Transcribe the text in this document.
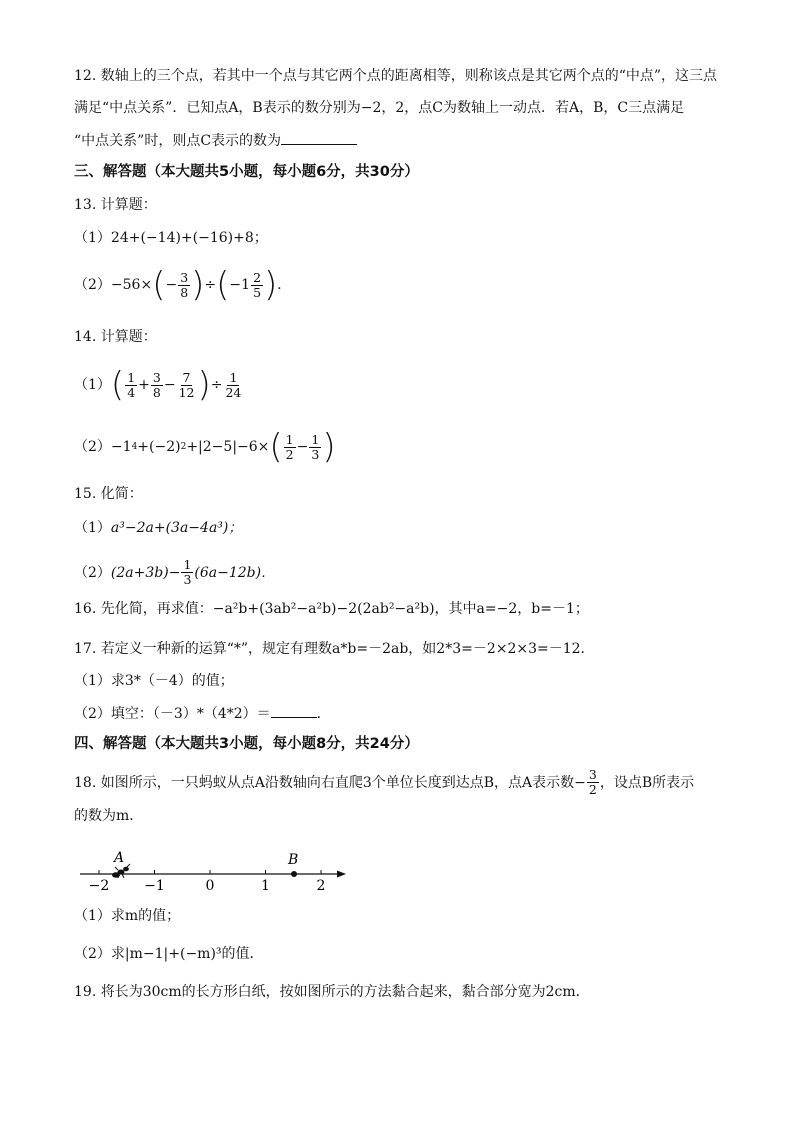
12. 数轴上的三个点，若其中一个点与其它两个点的距离相等，则称该点是其它两个点的“中点”，这三点
满足“中点关系”．已知点A，B表示的数分别为−2，2，点C为数轴上一动点．若A，B，C三点满足
“中点关系”时，则点C表示的数为
三、解答题（本大题共5小题，每小题6分，共30分）
13. 计算题：
（1）24+(−14)+(−16)+8；
（2） −56× ( − $\frac{3}{8}$ ) ÷ ( $-1 \frac{2}{5}$ ) ．
14. 计算题：
（1） ( $\frac{1}{4} + \frac{3}{8} - \frac{7}{12}$ ) ÷ $\frac{1}{24}$
（2） −1 4 +(−2) 2 +|2−5|−6× ( $\frac{1}{2} - \frac{1}{3}$ )
15. 化简：
（1）a³−2a+(3a−4a³)；
（2） $(2a+3b)- \frac{1}{3} (6a-12b)$．
16. 先化简，再求值：−a²b+(3ab²−a²b)−2(2ab²−a²b)，其中a=−2，b=－1；
17. 若定义一种新的运算“*”，规定有理数a*b=－2ab，如2*3=－2×2×3=－12．
（1）求3*（－4）的值；
（2）填空：（－3）*（4*2）＝	．
四、解答题（本大题共3小题，每小题8分，共24分）
18. 如图所示，一只蚂蚁从点A沿数轴向右直爬3个单位长度到达点B，点A表示数− $\frac{3}{2}$ ，设点B所表示
的数为m．
−2 −1	0	1	2
B
A
（1）求m的值；
（2）求|m−1|+(−m)³的值．
19. 将长为30cm的长方形白纸，按如图所示的方法黏合起来，黏合部分宽为2cm．
